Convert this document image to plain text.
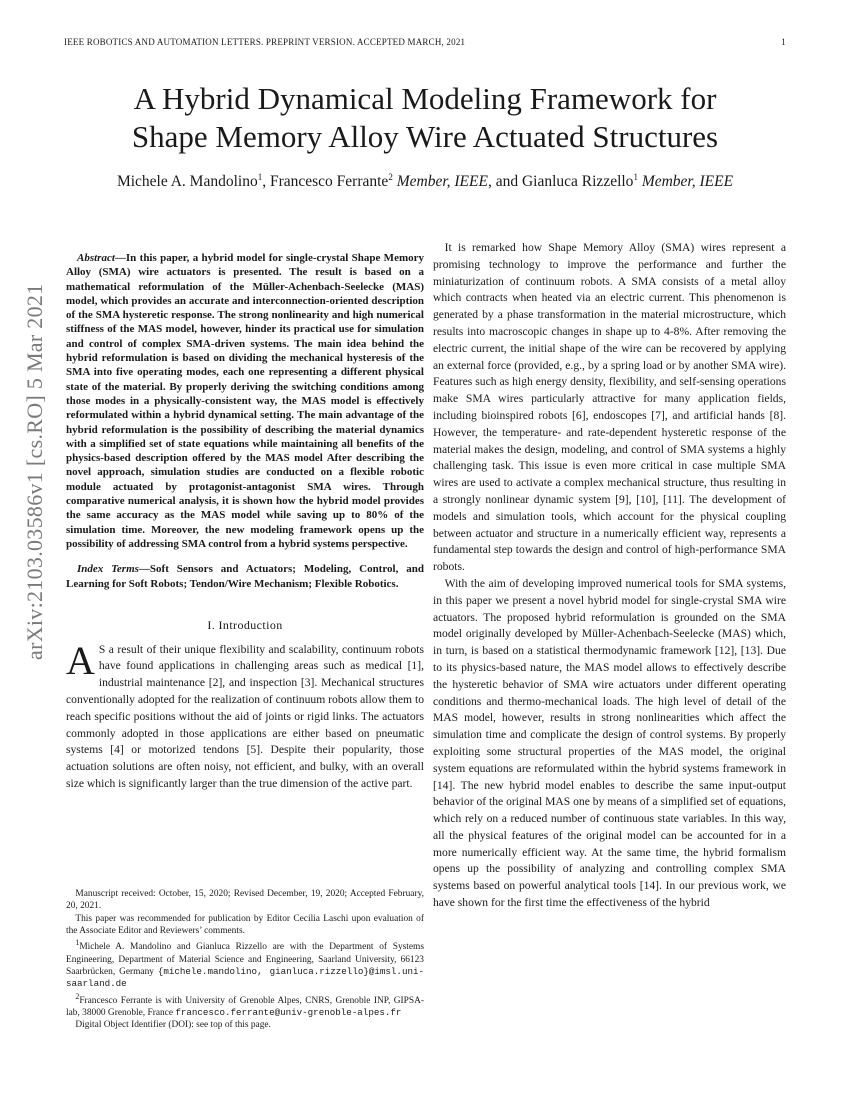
IEEE ROBOTICS AND AUTOMATION LETTERS. PREPRINT VERSION. ACCEPTED MARCH, 2021	1
A Hybrid Dynamical Modeling Framework for
Shape Memory Alloy Wire Actuated Structures
Michele A. Mandolino$^1$, Francesco Ferrante$^2$ Member, IEEE, and Gianluca Rizzello$^1$ Member, IEEE
arXiv:2103.03586v1 [cs.RO] 5 Mar 2021

Abstract—In this paper, a hybrid model for single-crystal Shape Memory Alloy (SMA) wire actuators is presented. The result is based on a mathematical reformulation of the Müller-Achenbach-Seelecke (MAS) model, which provides an accurate and interconnection-oriented description of the SMA hysteretic response. The strong nonlinearity and high numerical stiffness of the MAS model, however, hinder its practical use for simulation and control of complex SMA-driven systems. The main idea behind the hybrid reformulation is based on dividing the mechanical hysteresis of the SMA into five operating modes, each one representing a different physical state of the material. By properly deriving the switching conditions among those modes in a physically-consistent way, the MAS model is effectively reformulated within a hybrid dynamical setting. The main advantage of the hybrid reformulation is the possibility of describing the material dynamics with a simplified set of state equations while maintaining all benefits of the physics-based description offered by the MAS model After describing the novel approach, simulation studies are conducted on a flexible robotic module actuated by protagonist-antagonist SMA wires. Through comparative numerical analysis, it is shown how the hybrid model provides the same accuracy as the MAS model while saving up to 80% of the simulation time. Moreover, the new modeling framework opens up the possibility of addressing SMA control from a hybrid systems perspective.

Index Terms—Soft Sensors and Actuators; Modeling, Control, and Learning for Soft Robots; Tendon/Wire Mechanism; Flexible Robotics.

I. Introduction

A S a result of their unique flexibility and scalability, continuum robots have found applications in challenging areas such as medical [1], industrial maintenance [2], and inspection [3]. Mechanical structures conventionally adopted for the realization of continuum robots allow them to reach specific positions without the aid of joints or rigid links. The actuators commonly adopted in those applications are either based on pneumatic systems [4] or motorized tendons [5]. Despite their popularity, those actuation solutions are often noisy, not efficient, and bulky, with an overall size which is significantly larger than the true dimension of the active part.

Manuscript received: October, 15, 2020; Revised December, 19, 2020; Accepted February, 20, 2021.

This paper was recommended for publication by Editor Cecilia Laschi upon evaluation of the Associate Editor and Reviewers’ comments.

$^1$Michele A. Mandolino and Gianluca Rizzello are with the Department of Systems Engineering, Department of Material Science and Engineering, Saarland University, 66123 Saarbrücken, Germany {michele.mandolino, gianluca.rizzello}@imsl.uni-saarland.de

$^2$Francesco Ferrante is with University of Grenoble Alpes, CNRS, Grenoble INP, GIPSA-lab, 38000 Grenoble, France francesco.ferrante@univ-grenoble-alpes.fr

Digital Object Identifier (DOI): see top of this page.

It is remarked how Shape Memory Alloy (SMA) wires represent a promising technology to improve the performance and further the miniaturization of continuum robots. A SMA consists of a metal alloy which contracts when heated via an electric current. This phenomenon is generated by a phase transformation in the material microstructure, which results into macroscopic changes in shape up to 4-8%. After removing the electric current, the initial shape of the wire can be recovered by applying an external force (provided, e.g., by a spring load or by another SMA wire). Features such as high energy density, flexibility, and self-sensing operations make SMA wires particularly attractive for many application fields, including bioinspired robots [6], endoscopes [7], and artificial hands [8]. However, the temperature- and rate-dependent hysteretic response of the material makes the design, modeling, and control of SMA systems a highly challenging task. This issue is even more critical in case multiple SMA wires are used to activate a complex mechanical structure, thus resulting in a strongly nonlinear dynamic system [9], [10], [11]. The development of models and simulation tools, which account for the physical coupling between actuator and structure in a numerically efficient way, represents a fundamental step towards the design and control of high-performance SMA robots.

With the aim of developing improved numerical tools for SMA systems, in this paper we present a novel hybrid model for single-crystal SMA wire actuators. The proposed hybrid reformulation is grounded on the SMA model originally developed by Müller-Achenbach-Seelecke (MAS) which, in turn, is based on a statistical thermodynamic framework [12], [13]. Due to its physics-based nature, the MAS model allows to effectively describe the hysteretic behavior of SMA wire actuators under different operating conditions and thermo-mechanical loads. The high level of detail of the MAS model, however, results in strong nonlinearities which affect the simulation time and complicate the design of control systems. By properly exploiting some structural properties of the MAS model, the original system equations are reformulated within the hybrid systems framework in [14]. The new hybrid model enables to describe the same input-output behavior of the original MAS one by means of a simplified set of equations, which rely on a reduced number of continuous state variables. In this way, all the physical features of the original model can be accounted for in a more numerically efficient way. At the same time, the hybrid formalism opens up the possibility of analyzing and controlling complex SMA systems based on powerful analytical tools [14]. In our previous work, we have shown for the first time the effectiveness of the hybrid
